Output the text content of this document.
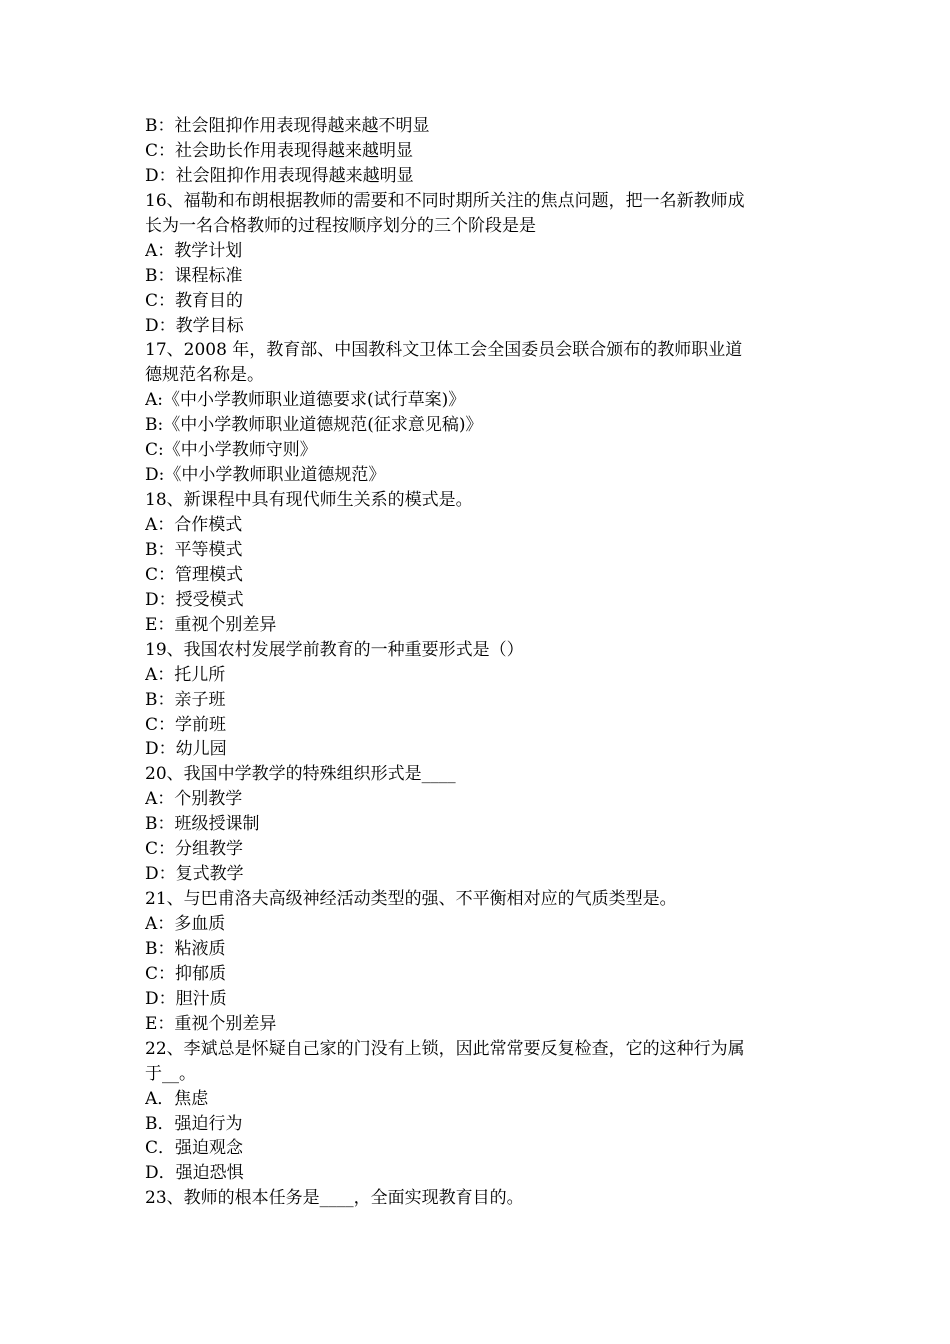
B：社会阻抑作用表现得越来越不明显
C：社会助长作用表现得越来越明显
D：社会阻抑作用表现得越来越明显
16、福勒和布朗根据教师的需要和不同时期所关注的焦点问题，把一名新教师成
长为一名合格教师的过程按顺序划分的三个阶段是是
A：教学计划
B：课程标准
C：教育目的
D：教学目标
17、2008 年，教育部、中国教科文卫体工会全国委员会联合颁布的教师职业道
德规范名称是。
A:《中小学教师职业道德要求(试行草案)》
B:《中小学教师职业道德规范(征求意见稿)》
C:《中小学教师守则》
D:《中小学教师职业道德规范》
18、新课程中具有现代师生关系的模式是。
A：合作模式
B：平等模式
C：管理模式
D：授受模式
E：重视个别差异
19、我国农村发展学前教育的一种重要形式是（）
A：托儿所
B：亲子班
C：学前班
D：幼儿园
20、我国中学教学的特殊组织形式是____
A：个别教学
B：班级授课制
C：分组教学
D：复式教学
21、与巴甫洛夫高级神经活动类型的强、不平衡相对应的气质类型是。
A：多血质
B：粘液质
C：抑郁质
D：胆汁质
E：重视个别差异
22、李斌总是怀疑自己家的门没有上锁，因此常常要反复检查，它的这种行为属
于__。
A．焦虑
B．强迫行为
C．强迫观念
D．强迫恐惧
23、教师的根本任务是____，全面实现教育目的。
